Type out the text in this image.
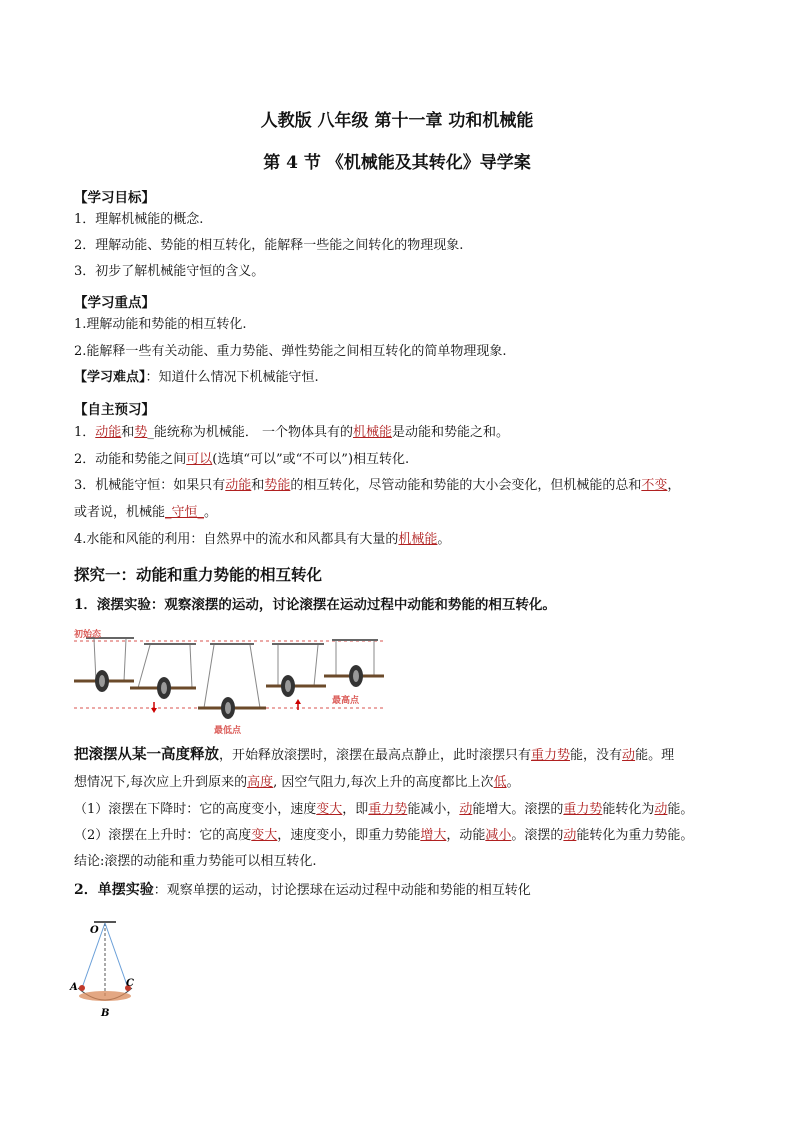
人教版 八年级 第十一章 功和机械能
第 4 节 《机械能及其转化》导学案
【学习目标】
1．理解机械能的概念.
2．理解动能、势能的相互转化，能解释一些能之间转化的物理现象.
3．初步了解机械能守恒的含义。
【学习重点】
1.理解动能和势能的相互转化.
2.能解释一些有关动能、重力势能、弹性势能之间相互转化的简单物理现象.
【学习难点】：知道什么情况下机械能守恒.
【自主预习】
1．动能和势_能统称为机械能． 一个物体具有的机械能是动能和势能之和。
2．动能和势能之间可以(选填“可以”或“不可以”)相互转化.
3．机械能守恒：如果只有动能和势能的相互转化，尽管动能和势能的大小会变化，但机械能的总和不变，
或者说，机械能_守恒_。
4.水能和风能的利用：自然界中的流水和风都具有大量的机械能。
探究一：动能和重力势能的相互转化
1．滚摆实验：观察滚摆的运动，讨论滚摆在运动过程中动能和势能的相互转化。
初始态
最低点
最高点
把滚摆从某一高度释放，开始释放滚摆时，滚摆在最高点静止，此时滚摆只有重力势能，没有动能。理
想情况下,每次应上升到原来的高度, 因空气阻力,每次上升的高度都比上次低。
（1）滚摆在下降时：它的高度变小，速度变大，即重力势能减小，动能增大。滚摆的重力势能转化为动能。
（2）滚摆在上升时：它的高度变大，速度变小，即重力势能增大，动能减小。滚摆的动能转化为重力势能。
结论:滚摆的动能和重力势能可以相互转化.
2．单摆实验：观察单摆的运动，讨论摆球在运动过程中动能和势能的相互转化
O
A
B
C
